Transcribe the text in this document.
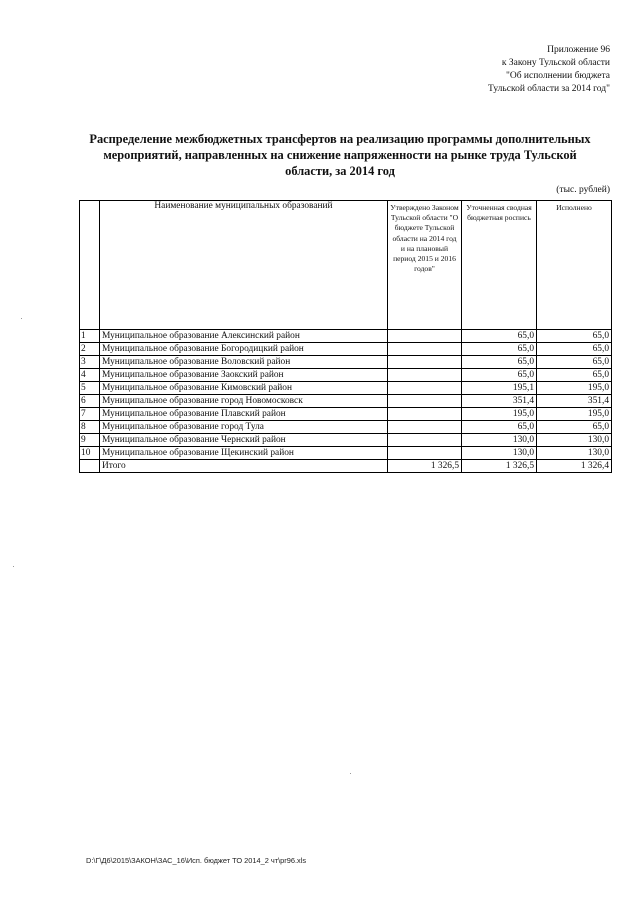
Приложение 96
к Закону Тульской области
"Об исполнении бюджета
Тульской области за 2014 год"
Распределение межбюджетных трансфертов на реализацию программы дополнительных
мероприятий, направленных на снижение напряженности на рынке труда Тульской
области, за 2014 год
(тыс. рублей)
	Наименование муниципальных образований	Утверждено Законом Тульской области "О бюджете Тульской области на 2014 год и на плановый период 2015 и 2016 годов"	Уточненная сводная бюджетная роспись	Исполнено
1	Муниципальное образование Алексинский район		65,0	65,0
2	Муниципальное образование Богородицкий район		65,0	65,0
3	Муниципальное образование Воловский район		65,0	65,0
4	Муниципальное образование Заокский район		65,0	65,0
5	Муниципальное образование Кимовский район		195,1	195,0
6	Муниципальное образование город Новомосковск		351,4	351,4
7	Муниципальное образование Плавский район		195,0	195,0
8	Муниципальное образование город Тула		65,0	65,0
9	Муниципальное образование Чернский район		130,0	130,0
10	Муниципальное образование Щекинский район		130,0	130,0
	Итого	1 326,5	1 326,5	1 326,4
D:\Г\Д6\2015\ЗАКОН\ЗАС_16\Исп. бюджет ТО 2014_2 чт\pr96.xls
